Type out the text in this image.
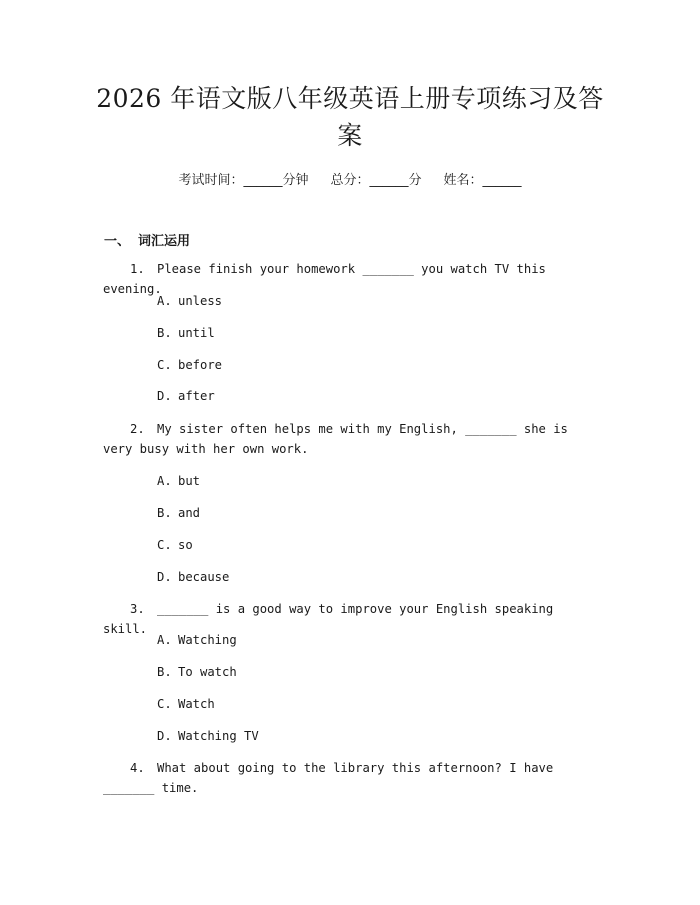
2026 年语文版八年级英语上册专项练习及答
案
考试时间：______分钟 总分：______分 姓名：______
一、 词汇运用
1. Please finish your homework _______ you watch TV this evening.
A. unless
B. until
C. before
D. after
2. My sister often helps me with my English, _______ she is very busy with her own work.
A. but
B. and
C. so
D. because
3. _______ is a good way to improve your English speaking skill.
A. Watching
B. To watch
C. Watch
D. Watching TV
4. What about going to the library this afternoon? I have _______ time.
